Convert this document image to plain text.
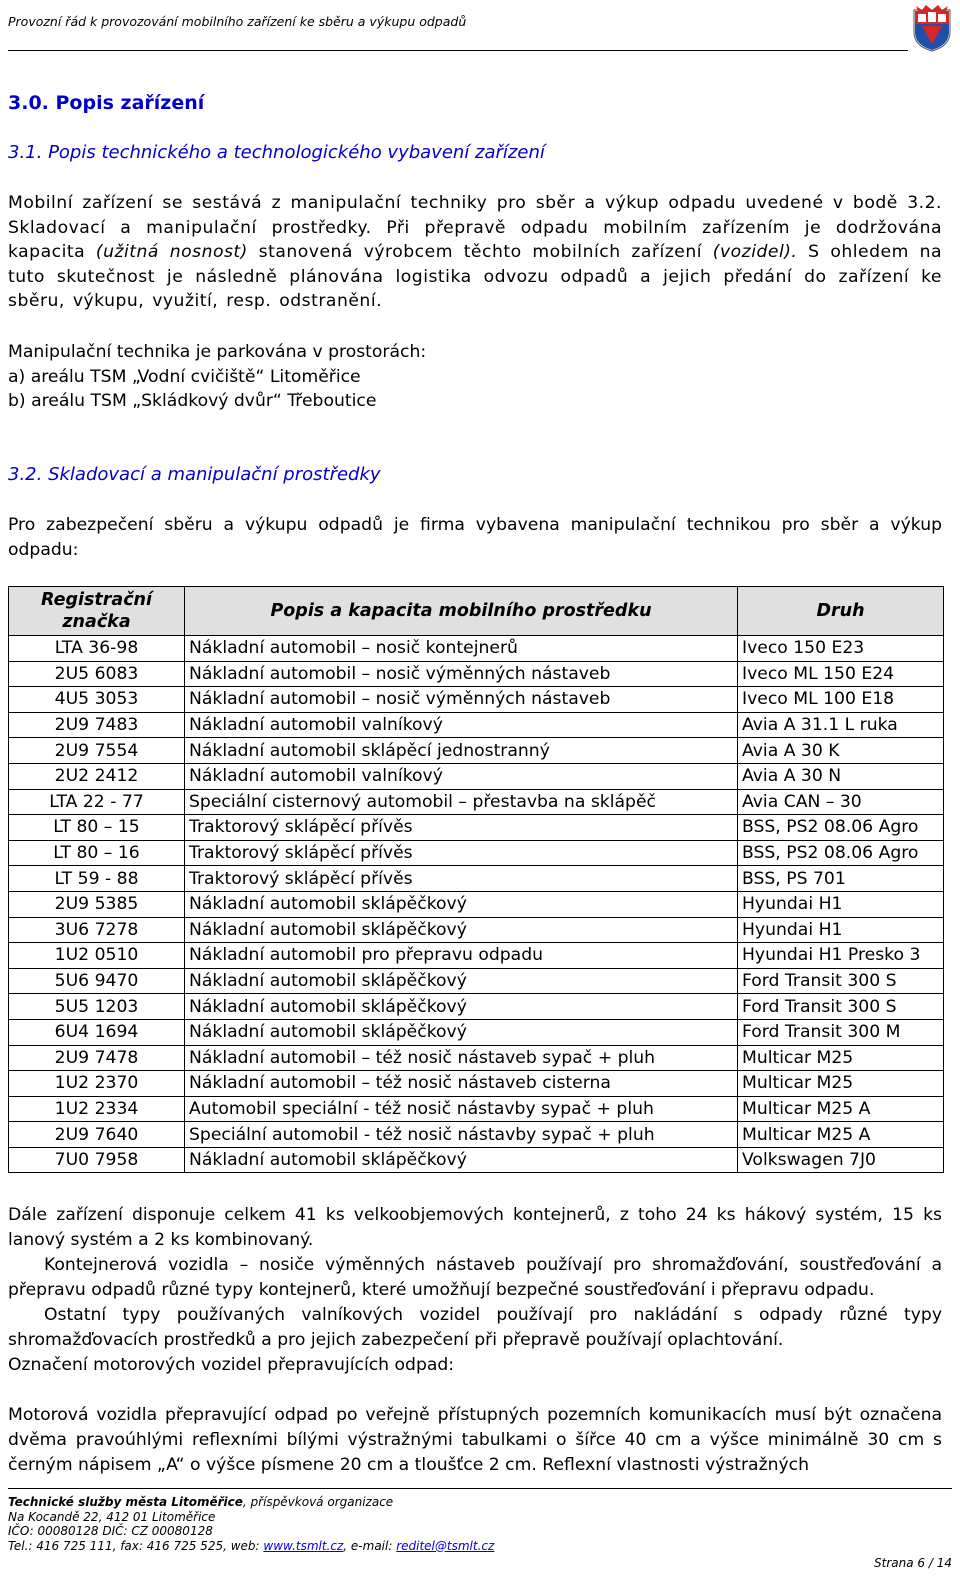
Provozní řád k provozování mobilního zařízení ke sběru a výkupu odpadů
3.0. Popis zařízení
3.1. Popis technického a technologického vybavení zařízení
Mobilní zařízení se sestává z manipulační techniky pro sběr a výkup odpadu uvedené v bodě 3.2. Skladovací a manipulační prostředky. Při přepravě odpadu mobilním zařízením je dodržována kapacita (užitná nosnost) stanovená výrobcem těchto mobilních zařízení (vozidel). S ohledem na tuto skutečnost je následně plánována logistika odvozu odpadů a jejich předání do zařízení ke sběru, výkupu, využití, resp. odstranění.
Manipulační technika je parkována v prostorách:
a) areálu TSM „Vodní cvičiště“ Litoměřice
b) areálu TSM „Skládkový dvůr“ Třeboutice
3.2. Skladovací a manipulační prostředky
Pro zabezpečení sběru a výkupu odpadů je firma vybavena manipulační technikou pro sběr a výkup odpadu:
Registrační značka	Popis a kapacita mobilního prostředku	Druh
LTA 36-98	Nákladní automobil – nosič kontejnerů	Iveco 150 E23
2U5 6083	Nákladní automobil – nosič výměnných nástaveb	Iveco ML 150 E24
4U5 3053	Nákladní automobil – nosič výměnných nástaveb	Iveco ML 100 E18
2U9 7483	Nákladní automobil valníkový	Avia A 31.1 L ruka
2U9 7554	Nákladní automobil sklápěcí jednostranný	Avia A 30 K
2U2 2412	Nákladní automobil valníkový	Avia A 30 N
LTA 22 - 77	Speciální cisternový automobil – přestavba na sklápěč	Avia CAN – 30
LT 80 – 15	Traktorový sklápěcí přívěs	BSS, PS2 08.06 Agro
LT 80 – 16	Traktorový sklápěcí přívěs	BSS, PS2 08.06 Agro
LT 59 - 88	Traktorový sklápěcí přívěs	BSS, PS 701
2U9 5385	Nákladní automobil sklápěčkový	Hyundai H1
3U6 7278	Nákladní automobil sklápěčkový	Hyundai H1
1U2 0510	Nákladní automobil pro přepravu odpadu	Hyundai H1 Presko 3
5U6 9470	Nákladní automobil sklápěčkový	Ford Transit 300 S
5U5 1203	Nákladní automobil sklápěčkový	Ford Transit 300 S
6U4 1694	Nákladní automobil sklápěčkový	Ford Transit 300 M
2U9 7478	Nákladní automobil – též nosič nástaveb sypač + pluh	Multicar M25
1U2 2370	Nákladní automobil – též nosič nástaveb cisterna	Multicar M25
1U2 2334	Automobil speciální - též nosič nástavby sypač + pluh	Multicar M25 A
2U9 7640	Speciální automobil - též nosič nástavby sypač + pluh	Multicar M25 A
7U0 7958	Nákladní automobil sklápěčkový	Volkswagen 7J0

Dále zařízení disponuje celkem 41 ks velkoobjemových kontejnerů, z toho 24 ks hákový systém, 15 ks lanový systém a 2 ks kombinovaný.

Kontejnerová vozidla – nosiče výměnných nástaveb používají pro shromažďování, soustřeďování a přepravu odpadů různé typy kontejnerů, které umožňují bezpečné soustřeďování i přepravu odpadu.

Ostatní typy používaných valníkových vozidel používají pro nakládání s odpady různé typy shromažďovacích prostředků a pro jejich zabezpečení při přepravě používají oplachtování.

Označení motorových vozidel přepravujících odpad:

Motorová vozidla přepravující odpad po veřejně přístupných pozemních komunikacích musí být označena dvěma pravoúhlými reflexními bílými výstražnými tabulkami o šířce 40 cm a výšce minimálně 30 cm s černým nápisem „A“ o výšce písmene 20 cm a tloušťce 2 cm. Reflexní vlastnosti výstražných

Technické služby města Litoměřice, příspěvková organizace
Na Kocandě 22, 412 01 Litoměřice
IČO: 00080128 DIČ: CZ 00080128
Tel.: 416 725 111, fax: 416 725 525, web: www.tsmlt.cz, e-mail: reditel@tsmlt.cz
Strana 6 / 14
